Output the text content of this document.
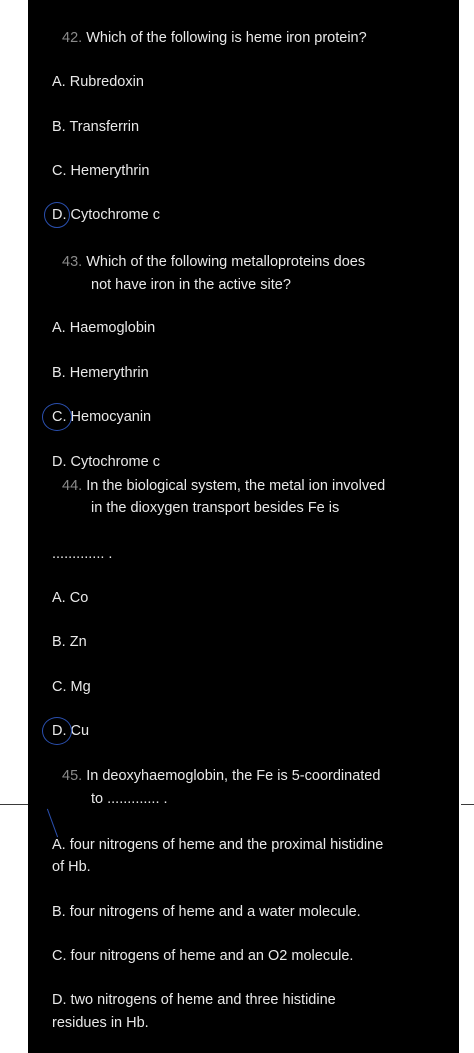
42. Which of the following is heme iron protein?
A. Rubredoxin
B. Transferrin
C. Hemerythrin
D. Cytochrome c
43. Which of the following metalloproteins does
not have iron in the active site?
A. Haemoglobin
B. Hemerythrin
C. Hemocyanin
D. Cytochrome c
44. In the biological system, the metal ion involved
in the dioxygen transport besides Fe is
............. .
A. Co
B. Zn
C. Mg
D. Cu
45. In deoxyhaemoglobin, the Fe is 5-coordinated
to ............. .
A. four nitrogens of heme and the proximal histidine
of Hb.
B. four nitrogens of heme and a water molecule.
C. four nitrogens of heme and an O2 molecule.
D. two nitrogens of heme and three histidine
residues in Hb.
